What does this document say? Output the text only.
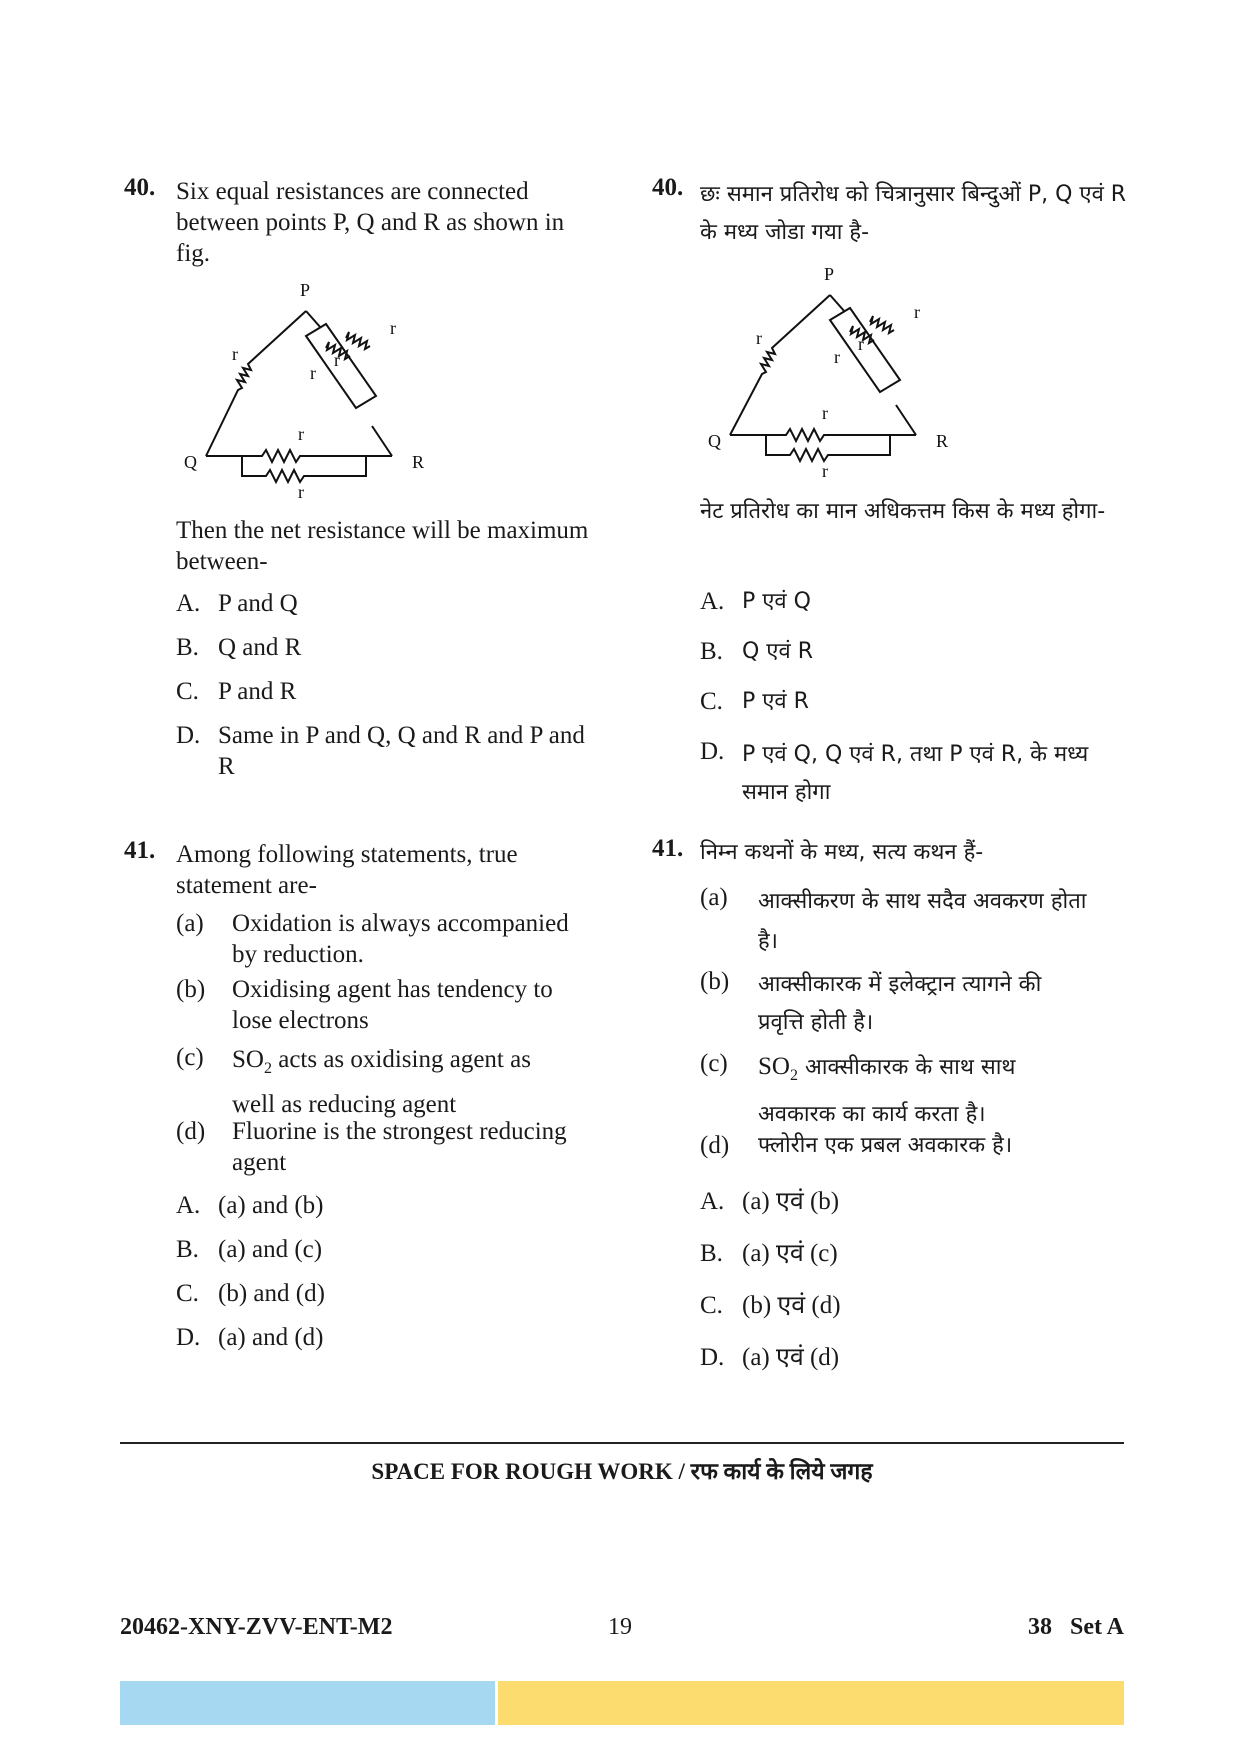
40. Six equal resistances are connected between points P, Q and R as shown in fig.
P
Q	R
r
r
r
r
r
r
Then the net resistance will be maximum between-
A. P and Q
B. Q and R
C. P and R
D. Same in P and Q, Q and R and P and R
41. Among following statements, true statement are-
(a) Oxidation is always accompanied by reduction.
(b) Oxidising agent has tendency to lose electrons
(c) $SO_2$ acts as oxidising agent as well as reducing agent
(d) Fluorine is the strongest reducing agent
A. (a) and (b)
B. (a) and (c)
C. (b) and (d)
D. (a) and (d)
40. छः समान प्रतिरोध को चित्रानुसार बिन्दुओं P, Q एवं R के मध्य जोडा गया है-
P
Q	R
r
r
r
r
r
r
नेट प्रतिरोध का मान अधिकत्तम किस के मध्य होगा-
A. P एवं Q
B. Q एवं R
C. P एवं R
D. P एवं Q, Q एवं R, तथा P एवं R, के मध्य समान होगा
41. निम्न कथनों के मध्य, सत्य कथन हैं-
(a) आक्सीकरण के साथ सदैव अवकरण होता है।
(b) आक्सीकारक में इलेक्ट्रान त्यागने की प्रवृत्ति होती है।
(c) $SO_2$ आक्सीकारक के साथ साथ अवकारक का कार्य करता है।
(d) फ्लोरीन एक प्रबल अवकारक है।
A. (a) एवं (b)
B. (a) एवं (c)
C. (b) एवं (d)
D. (a) एवं (d)
SPACE FOR ROUGH WORK / रफ कार्य के लिये जगह
20462-XNY-ZVV-ENT-M2	19	38   Set A
